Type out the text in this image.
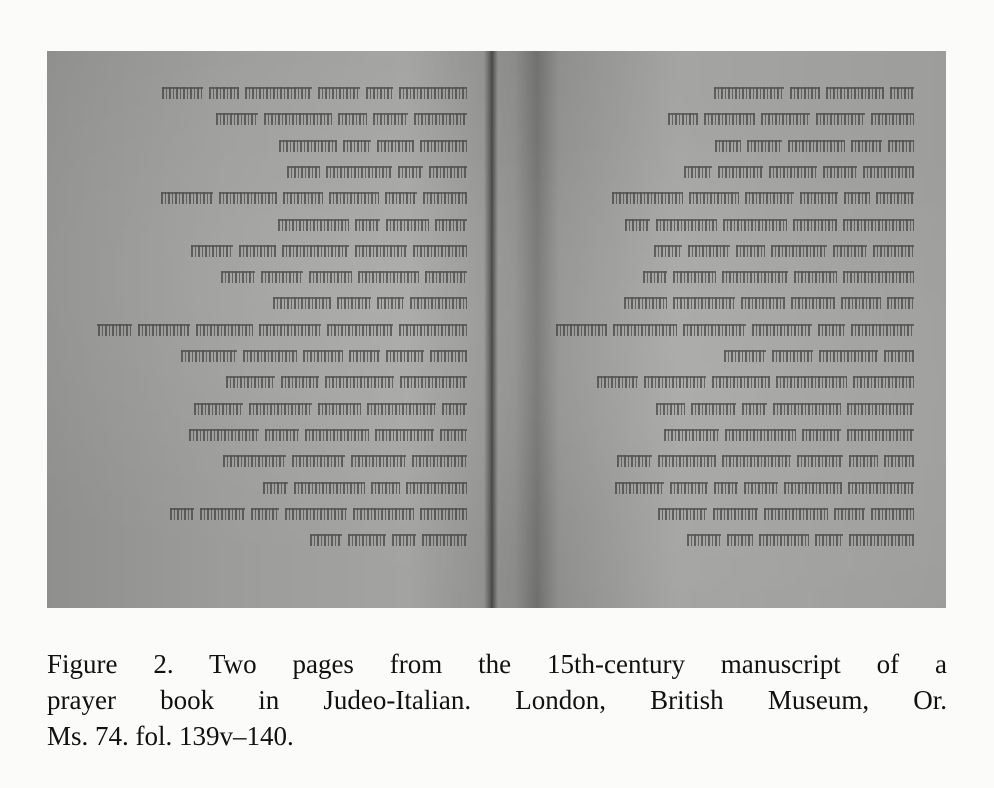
Figure 2. Two pages from the 15th-century manuscript of a
prayer book in Judeo-Italian. London, British Museum, Or.
Ms. 74. fol. 139v–140.
